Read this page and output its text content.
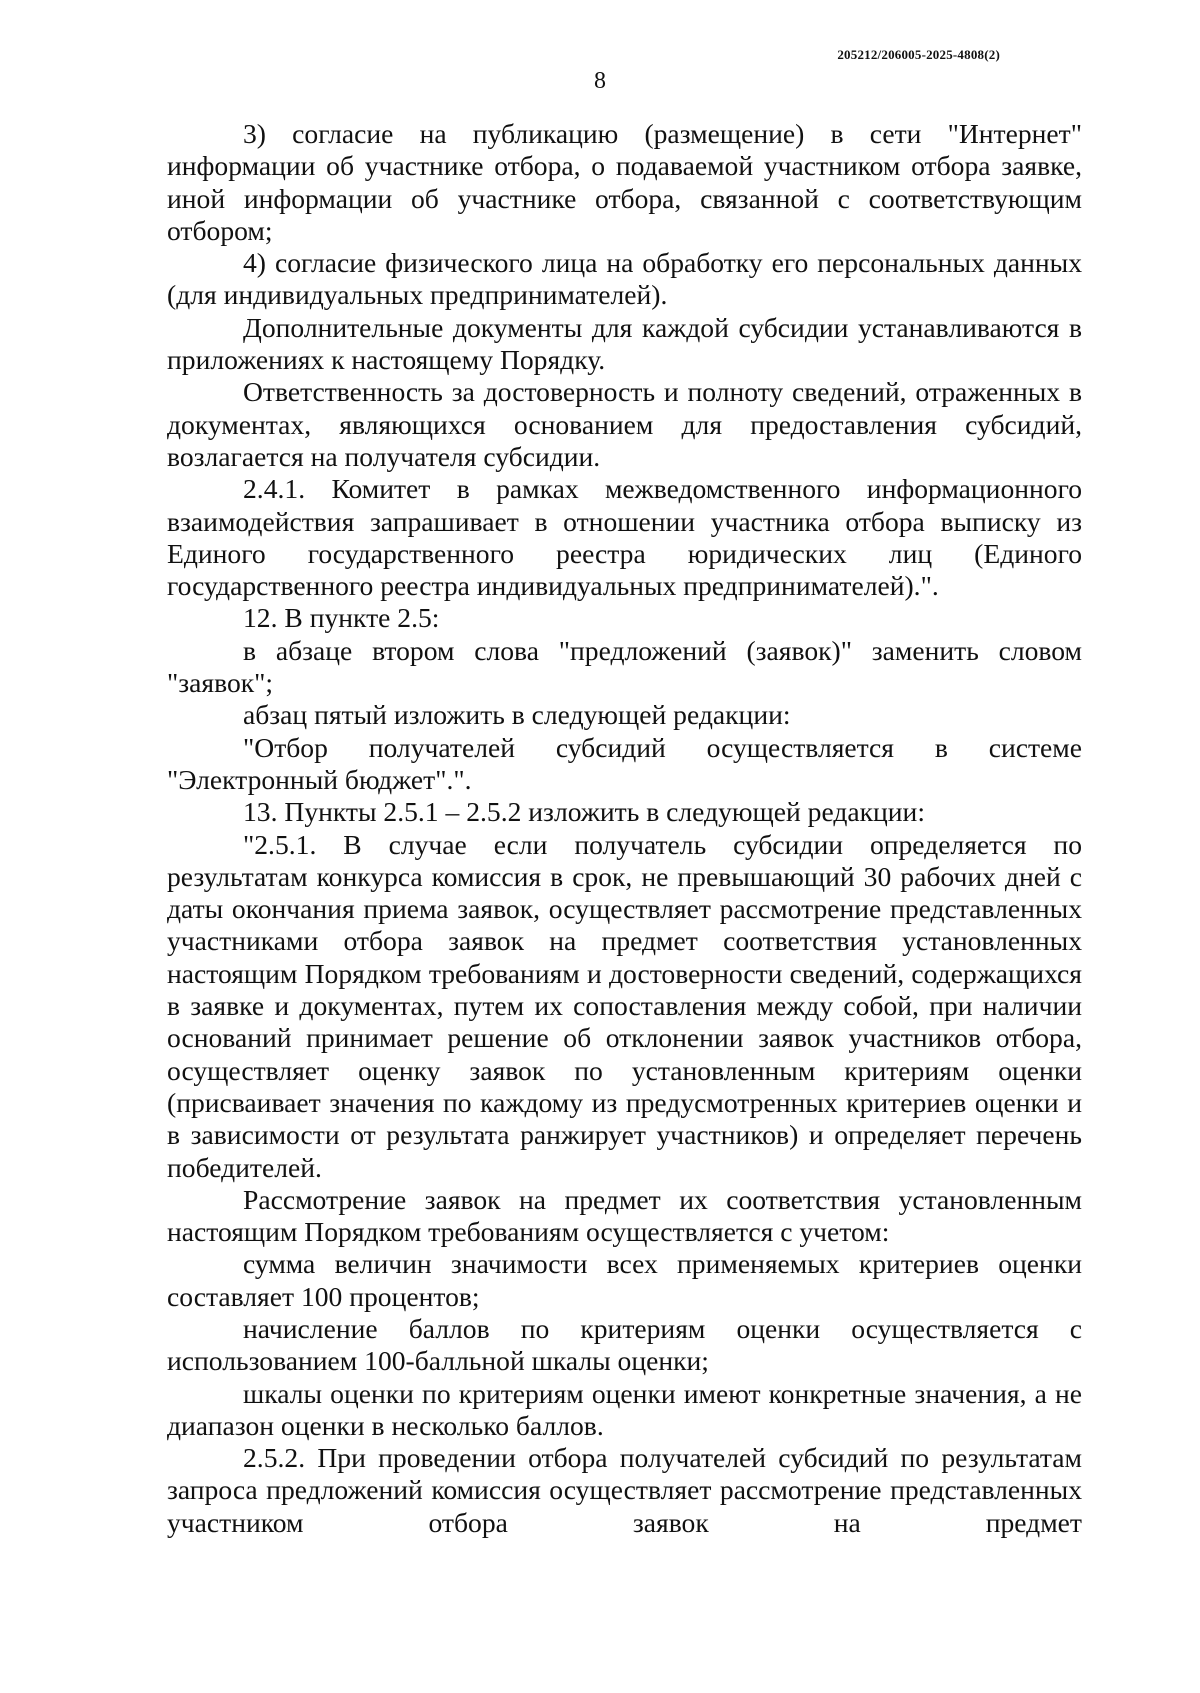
205212/206005-2025-4808(2)
8

3) согласие на публикацию (размещение) в сети "Интернет" информации об участнике отбора, о подаваемой участником отбора заявке, иной информации об участнике отбора, связанной с соответствующим отбором;

4) согласие физического лица на обработку его персональных данных (для индивидуальных предпринимателей).

Дополнительные документы для каждой субсидии устанавливаются в приложениях к настоящему Порядку.

Ответственность за достоверность и полноту сведений, отраженных в документах, являющихся основанием для предоставления субсидий, возлагается на получателя субсидии.

2.4.1. Комитет в рамках межведомственного информационного взаимодействия запрашивает в отношении участника отбора выписку из Единого государственного реестра юридических лиц (Единого государственного реестра индивидуальных предпринимателей).".

12. В пункте 2.5:

в абзаце втором слова "предложений (заявок)" заменить словом "заявок";

абзац пятый изложить в следующей редакции:

"Отбор получателей субсидий осуществляется в системе "Электронный бюджет".".

13. Пункты 2.5.1 – 2.5.2 изложить в следующей редакции:

"2.5.1. В случае если получатель субсидии определяется по результатам конкурса комиссия в срок, не превышающий 30 рабочих дней с даты окончания приема заявок, осуществляет рассмотрение представленных участниками отбора заявок на предмет соответствия установленных настоящим Порядком требованиям и достоверности сведений, содержащихся в заявке и документах, путем их сопоставления между собой, при наличии оснований принимает решение об отклонении заявок участников отбора, осуществляет оценку заявок по установленным критериям оценки (присваивает значения по каждому из предусмотренных критериев оценки и в зависимости от результата ранжирует участников) и определяет перечень победителей.

Рассмотрение заявок на предмет их соответствия установленным настоящим Порядком требованиям осуществляется с учетом:

сумма величин значимости всех применяемых критериев оценки составляет 100 процентов;

начисление баллов по критериям оценки осуществляется с использованием 100-балльной шкалы оценки;

шкалы оценки по критериям оценки имеют конкретные значения, а не диапазон оценки в несколько баллов.

2.5.2. При проведении отбора получателей субсидий по результатам запроса предложений комиссия осуществляет рассмотрение представленных участником отбора заявок на предмет
